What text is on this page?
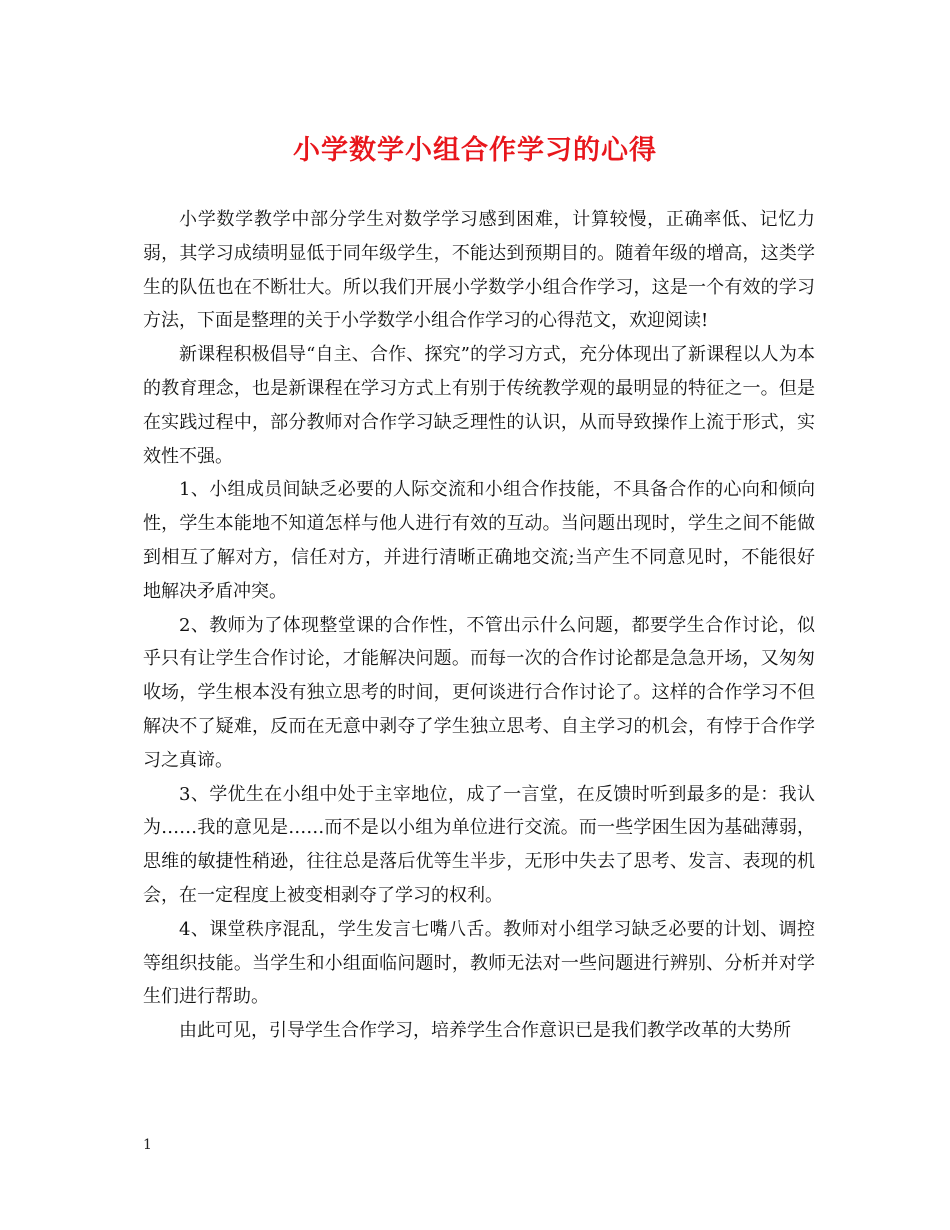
小学数学小组合作学习的心得

小学数学教学中部分学生对数学学习感到困难，计算较慢，正确率低、记忆力弱，其学习成绩明显低于同年级学生，不能达到预期目的。随着年级的增高，这类学生的队伍也在不断壮大。所以我们开展小学数学小组合作学习，这是一个有效的学习方法，下面是整理的关于小学数学小组合作学习的心得范文，欢迎阅读!

新课程积极倡导“自主、合作、探究”的学习方式，充分体现出了新课程以人为本的教育理念，也是新课程在学习方式上有别于传统教学观的最明显的特征之一。但是在实践过程中，部分教师对合作学习缺乏理性的认识，从而导致操作上流于形式，实效性不强。

1、小组成员间缺乏必要的人际交流和小组合作技能，不具备合作的心向和倾向性，学生本能地不知道怎样与他人进行有效的互动。当问题出现时，学生之间不能做到相互了解对方，信任对方，并进行清晰正确地交流;当产生不同意见时，不能很好地解决矛盾冲突。

2、教师为了体现整堂课的合作性，不管出示什么问题，都要学生合作讨论，似乎只有让学生合作讨论，才能解决问题。而每一次的合作讨论都是急急开场，又匆匆收场，学生根本没有独立思考的时间，更何谈进行合作讨论了。这样的合作学习不但解决不了疑难，反而在无意中剥夺了学生独立思考、自主学习的机会，有悖于合作学习之真谛。

3、学优生在小组中处于主宰地位，成了一言堂，在反馈时听到最多的是：我认为……我的意见是……而不是以小组为单位进行交流。而一些学困生因为基础薄弱，思维的敏捷性稍逊，往往总是落后优等生半步，无形中失去了思考、发言、表现的机会，在一定程度上被变相剥夺了学习的权利。

4、课堂秩序混乱，学生发言七嘴八舌。教师对小组学习缺乏必要的计划、调控等组织技能。当学生和小组面临问题时，教师无法对一些问题进行辨别、分析并对学生们进行帮助。

由此可见，引导学生合作学习，培养学生合作意识已是我们教学改革的大势所

1
